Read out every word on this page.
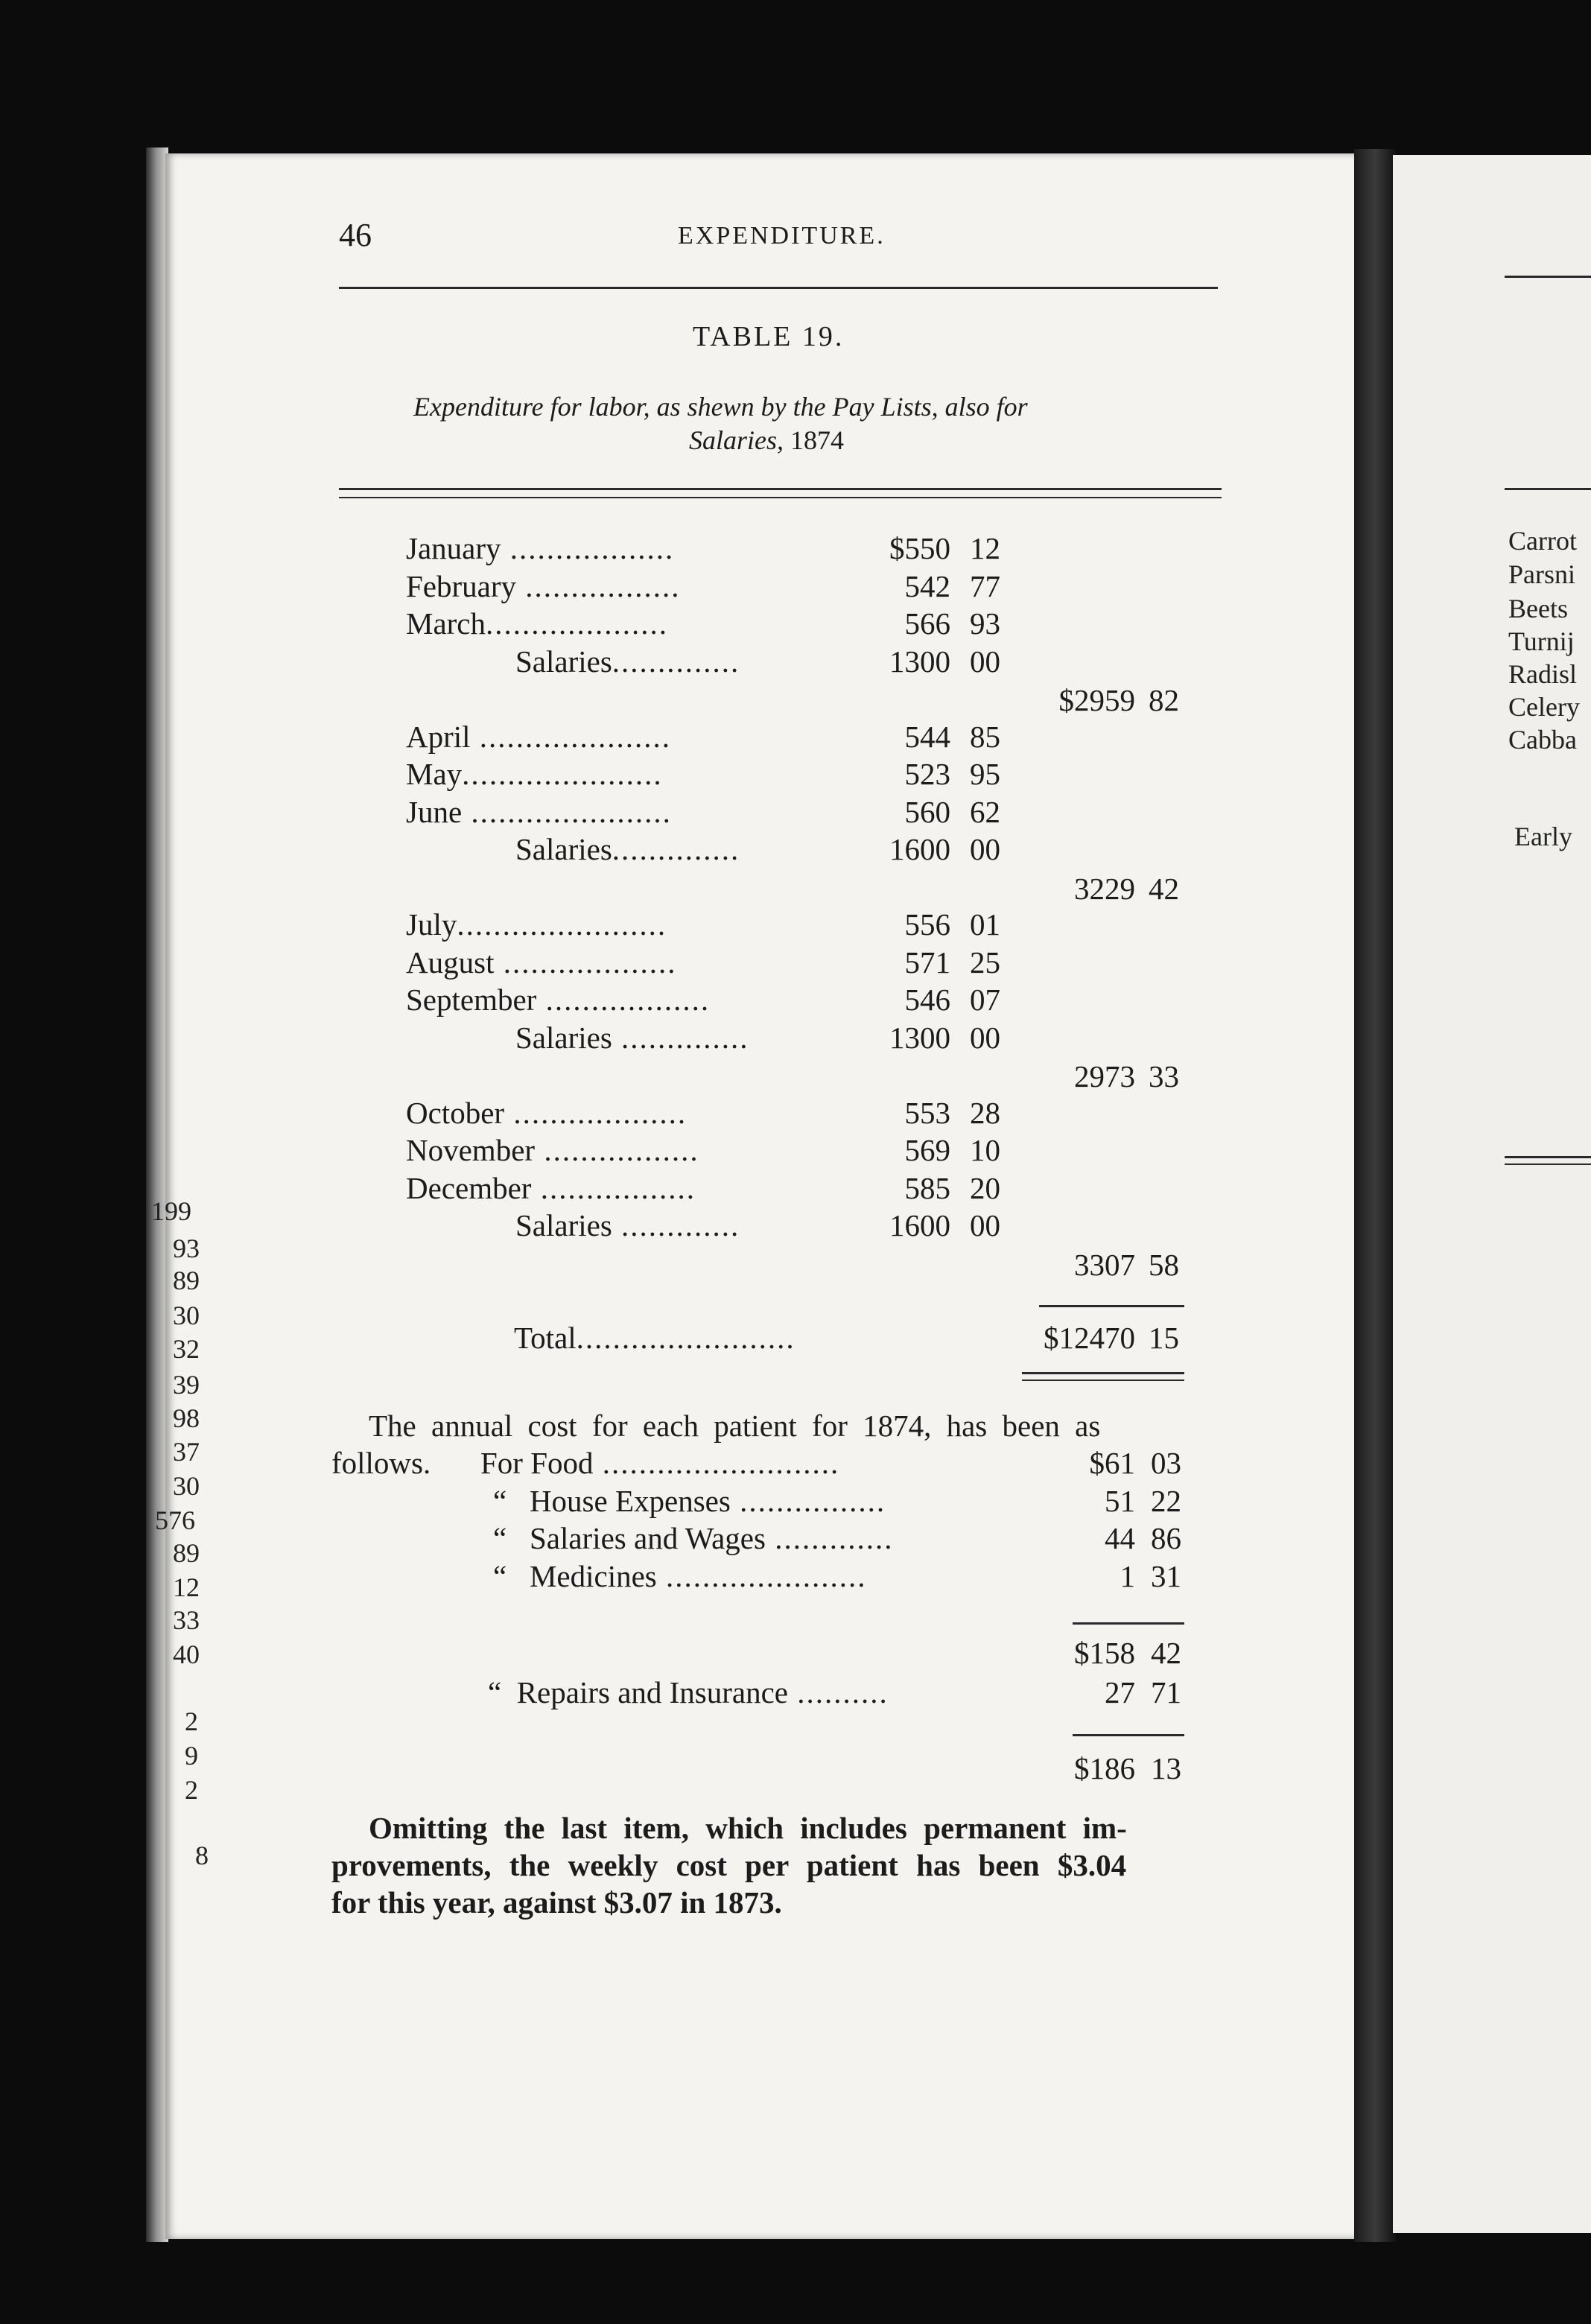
Carrot
Parsni
Beets
Turnij
Radisl
Celery
Cabba
Early
199
93
89
30
32
39
98
37
30
576
89
12
33
40
2
9
2
8
46	EXPENDITURE.
TABLE 19.
Expenditure for labor, as shewn by the Pay Lists, also for
Salaries, 1874
January ..................	$550 12
February .................	542 77
March....................	566 93
Salaries..............	1300 00
$2959 82
April .....................	544 85
May......................	523 95
June ......................	560 62
Salaries..............	1600 00
3229 42
July.......................	556 01
August ...................	571 25
September ..................	546 07
Salaries ..............	1300 00
2973 33
October ...................	553 28
November .................	569 10
December .................	585 20
Salaries .............	1600 00
3307 58
Total........................	$12470 15
The annual cost for each patient for 1874, has been as
follows. For Food ..........................	$61 03
“ House Expenses ................	51 22
“ Salaries and Wages .............	44 86
“ Medicines ......................	1 31
$158 42
“ Repairs and Insurance ..........	27 71
$186 13
Omitting the last item, which includes permanent im-
provements, the weekly cost per patient has been $3.04
for this year, against $3.07 in 1873.
